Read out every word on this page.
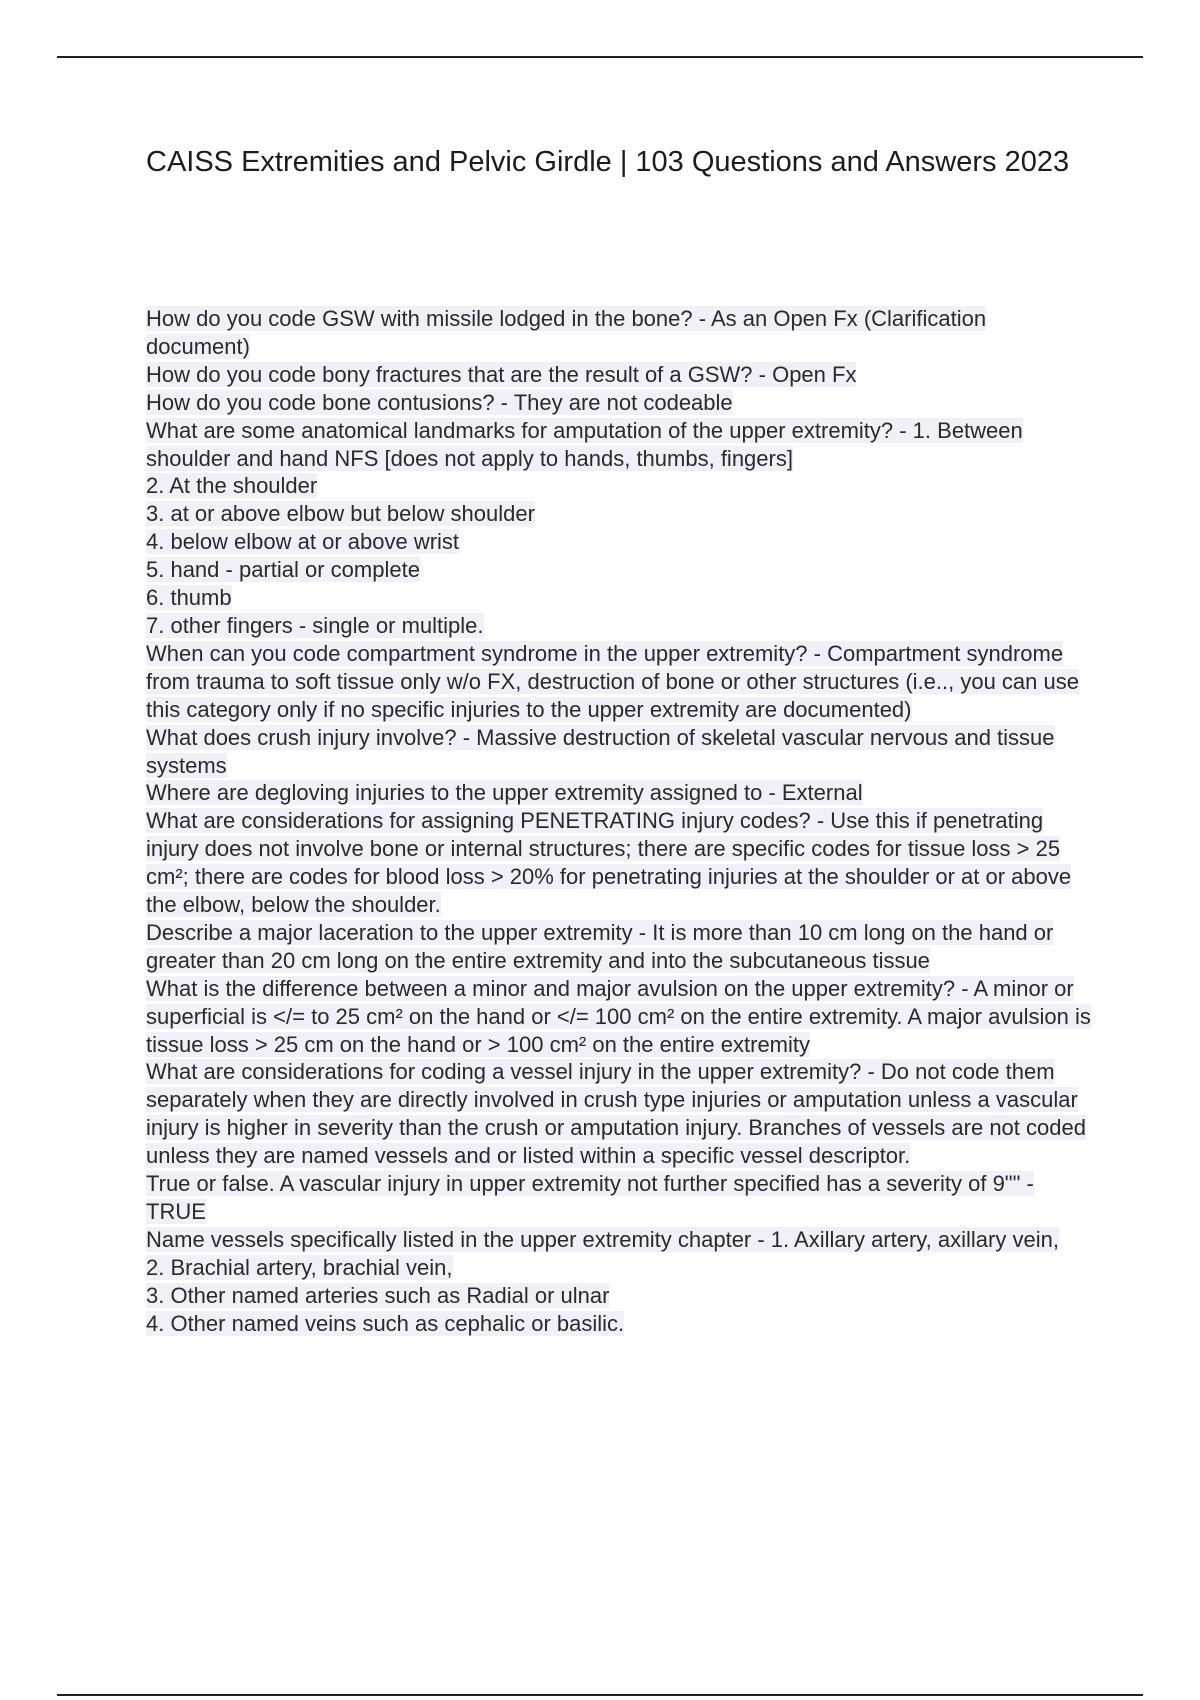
CAISS Extremities and Pelvic Girdle | 103 Questions and Answers 2023
How do you code GSW with missile lodged in the bone? - As an Open Fx (Clarification document)
How do you code bony fractures that are the result of a GSW? - Open Fx
How do you code bone contusions? - They are not codeable
What are some anatomical landmarks for amputation of the upper extremity? - 1. Between shoulder and hand NFS [does not apply to hands, thumbs, fingers]
2. At the shoulder
3. at or above elbow but below shoulder
4. below elbow at or above wrist
5. hand - partial or complete
6. thumb
7. other fingers - single or multiple.
When can you code compartment syndrome in the upper extremity? - Compartment syndrome from trauma to soft tissue only w/o FX, destruction of bone or other structures (i.e.., you can use this category only if no specific injuries to the upper extremity are documented)
What does crush injury involve? - Massive destruction of skeletal vascular nervous and tissue systems
Where are degloving injuries to the upper extremity assigned to - External
What are considerations for assigning PENETRATING injury codes? - Use this if penetrating injury does not involve bone or internal structures; there are specific codes for tissue loss > 25 cm²; there are codes for blood loss > 20% for penetrating injuries at the shoulder or at or above the elbow, below the shoulder.
Describe a major laceration to the upper extremity - It is more than 10 cm long on the hand or greater than 20 cm long on the entire extremity and into the subcutaneous tissue
What is the difference between a minor and major avulsion on the upper extremity? - A minor or superficial is </= to 25 cm² on the hand or </= 100 cm² on the entire extremity. A major avulsion is tissue loss > 25 cm on the hand or > 100 cm² on the entire extremity
What are considerations for coding a vessel injury in the upper extremity? - Do not code them separately when they are directly involved in crush type injuries or amputation unless a vascular injury is higher in severity than the crush or amputation injury. Branches of vessels are not coded unless they are named vessels and or listed within a specific vessel descriptor.
True or false. A vascular injury in upper extremity not further specified has a severity of 9"" - TRUE
Name vessels specifically listed in the upper extremity chapter - 1. Axillary artery, axillary vein,
2. Brachial artery, brachial vein,
3. Other named arteries such as Radial or ulnar
4. Other named veins such as cephalic or basilic.
